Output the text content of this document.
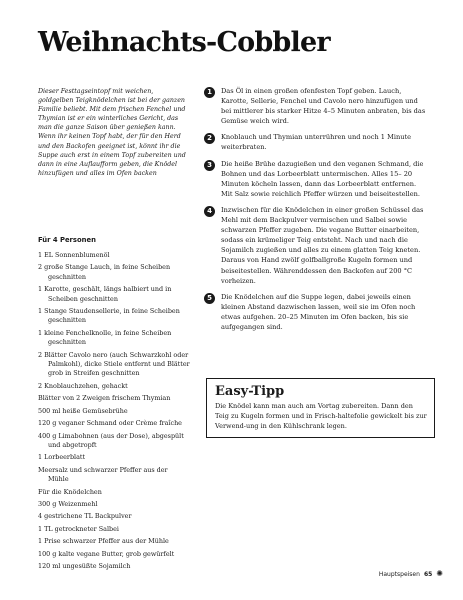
Weihnachts-Cobbler

Dieser Festtagseintopf mit weichen, goldgelben Teigknödelchen ist bei der ganzen Familie beliebt. Mit dem frischen Fenchel und Thymian ist er ein winterliches Gericht, das man die ganze Saison über genießen kann. Wenn ihr keinen Topf habt, der für den Herd und den Backofen geeignet ist, könnt ihr die Suppe auch erst in einem Topf zubereiten und dann in eine Auflaufform geben, die Knödel hinzufügen und alles im Ofen backen

Für 4 Personen
1 EL Sonnenblumenöl
2 große Stange Lauch, in feine Scheiben geschnitten
1 Karotte, geschält, längs halbiert und in Scheiben geschnitten
1 Stange Staudensellerie, in feine Scheiben geschnitten
1 kleine Fenchelknolle, in feine Scheiben geschnitten
2 Blätter Cavolo nero (auch Schwarzkohl oder Palmkohl), dicke Stiele entfernt und Blätter grob in Streifen geschnitten
2 Knoblauchzehen, gehackt
Blätter von 2 Zweigen frischem Thymian
500 ml heiße Gemüsebrühe
120 g veganer Schmand oder Crème fraîche
400 g Limabohnen (aus der Dose), abgespült und abgetropft
1 Lorbeerblatt
Meersalz und schwarzer Pfeffer aus der Mühle
Für die Knödelchen
300 g Weizenmehl
4 gestrichene TL Backpulver
1 TL getrockneter Salbei
1 Prise schwarzer Pfeffer aus der Mühle
100 g kalte vegane Butter, grob gewürfelt
120 ml ungesüßte Sojamilch
1	Das Öl in einen großen ofenfesten Topf geben. Lauch, Karotte, Sellerie, Fenchel und Cavolo nero hinzufügen und bei mittlerer bis starker Hitze 4–5 Minuten anbraten, bis das Gemüse weich wird.
2	Knoblauch und Thymian unterrühren und noch 1 Minute weiterbraten.
3	Die heiße Brühe dazugießen und den veganen Schmand, die Bohnen und das Lorbeerblatt untermischen. Alles 15– 20 Minuten köcheln lassen, dann das Lorbeerblatt entfernen. Mit Salz sowie reichlich Pfeffer würzen und beiseitestellen.
4	Inzwischen für die Knödelchen in einer großen Schüssel das Mehl mit dem Backpulver vermischen und Salbei sowie schwarzen Pfeffer zugeben. Die vegane Butter einarbeiten, sodass ein krümeliger Teig entsteht. Nach und nach die Sojamilch zugießen und alles zu einem glatten Teig kneten. Daraus von Hand zwölf golfballgroße Kugeln formen und beiseitestellen. Währenddessen den Backofen auf 200 °C vorheizen.
5	Die Knödelchen auf die Suppe legen, dabei jeweils einen kleinen Abstand dazwischen lassen, weil sie im Ofen noch etwas aufgehen. 20–25 Minuten im Ofen backen, bis sie aufgegangen sind.
Easy-Tipp
Die Knödel kann man auch am Vortag zubereiten. Dann den Teig zu Kugeln formen und in Frisch-haltefolie gewickelt bis zur Verwend-ung in den Kühlschrank legen.
Hauptspeisen 65 ✺
